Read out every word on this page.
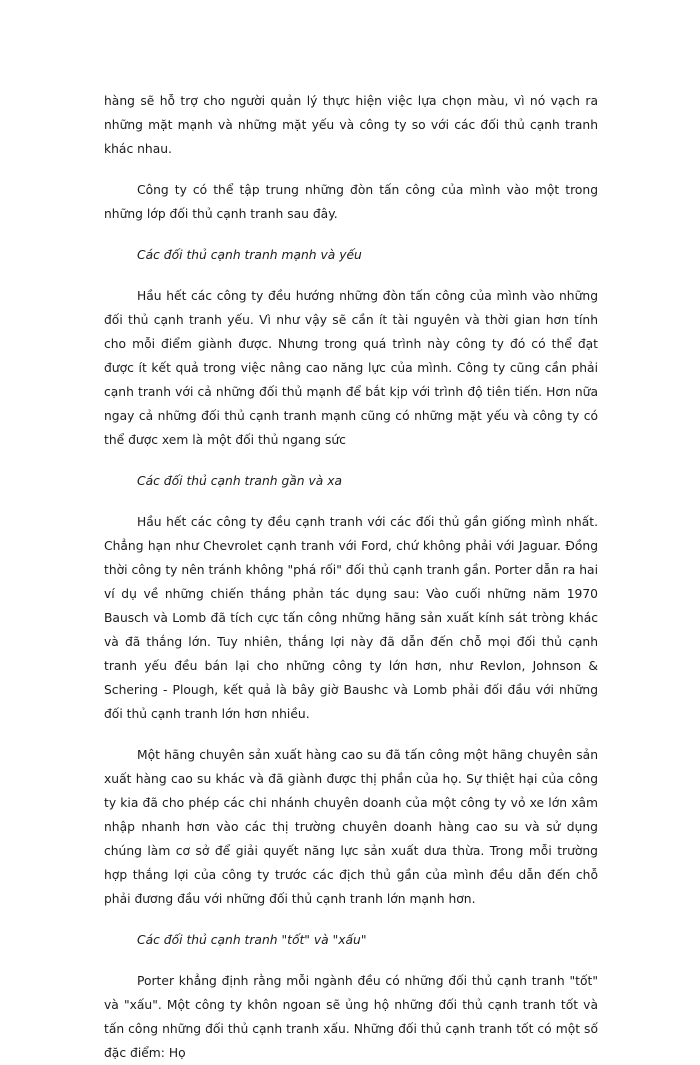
hàng sẽ hỗ trợ cho người quản lý thực hiện việc lựa chọn màu, vì nó vạch ra những mặt mạnh và những mặt yếu và công ty so với các đối thủ cạnh tranh khác nhau.

Công ty có thể tập trung những đòn tấn công của mình vào một trong những lớp đối thủ cạnh tranh sau đây.

Các đối thủ cạnh tranh mạnh và yếu

Hầu hết các công ty đều hướng những đòn tấn công của mình vào những đối thủ cạnh tranh yếu. Vì như vậy sẽ cần ít tài nguyên và thời gian hơn tính cho mỗi điểm giành được. Nhưng trong quá trình này công ty đó có thể đạt được ít kết quả trong việc nâng cao năng lực của mình. Công ty cũng cần phải cạnh tranh với cả những đối thủ mạnh để bắt kịp với trình độ tiên tiến. Hơn nữa ngay cả những đối thủ cạnh tranh mạnh cũng có những mặt yếu và công ty có thể được xem là một đối thủ ngang sức

Các đối thủ cạnh tranh gần và xa

Hầu hết các công ty đều cạnh tranh với các đối thủ gần giống mình nhất. Chẳng hạn như Chevrolet cạnh tranh với Ford, chứ không phải với Jaguar. Đồng thời công ty nên tránh không "phá rối" đối thủ cạnh tranh gần. Porter dẫn ra hai ví dụ về những chiến thắng phản tác dụng sau: Vào cuối những năm 1970 Bausch và Lomb đã tích cực tấn công những hãng sản xuất kính sát tròng khác và đã thắng lớn. Tuy nhiên, thắng lợi này đã dẫn đến chỗ mọi đối thủ cạnh tranh yếu đều bán lại cho những công ty lớn hơn, như Revlon, Johnson & Schering - Plough, kết quả là bây giờ Baushc và Lomb phải đối đầu với những đối thủ cạnh tranh lớn hơn nhiều.

Một hãng chuyên sản xuất hàng cao su đã tấn công một hãng chuyên sản xuất hàng cao su khác và đã giành được thị phần của họ. Sự thiệt hại của công ty kia đã cho phép các chi nhánh chuyên doanh của một công ty vỏ xe lớn xâm nhập nhanh hơn vào các thị trường chuyên doanh hàng cao su và sử dụng chúng làm cơ sở để giải quyết năng lực sản xuất dưa thừa. Trong mỗi trường hợp thắng lợi của công ty trước các địch thủ gần của mình đều dẫn đến chỗ phải đương đầu với những đối thủ cạnh tranh lớn mạnh hơn.

Các đối thủ cạnh tranh "tốt" và "xấu"

Porter khẳng định rằng mỗi ngành đều có những đối thủ cạnh tranh "tốt" và "xấu". Một công ty khôn ngoan sẽ ủng hộ những đối thủ cạnh tranh tốt và tấn công những đối thủ cạnh tranh xấu. Những đối thủ cạnh tranh tốt có một số đặc điểm: Họ
